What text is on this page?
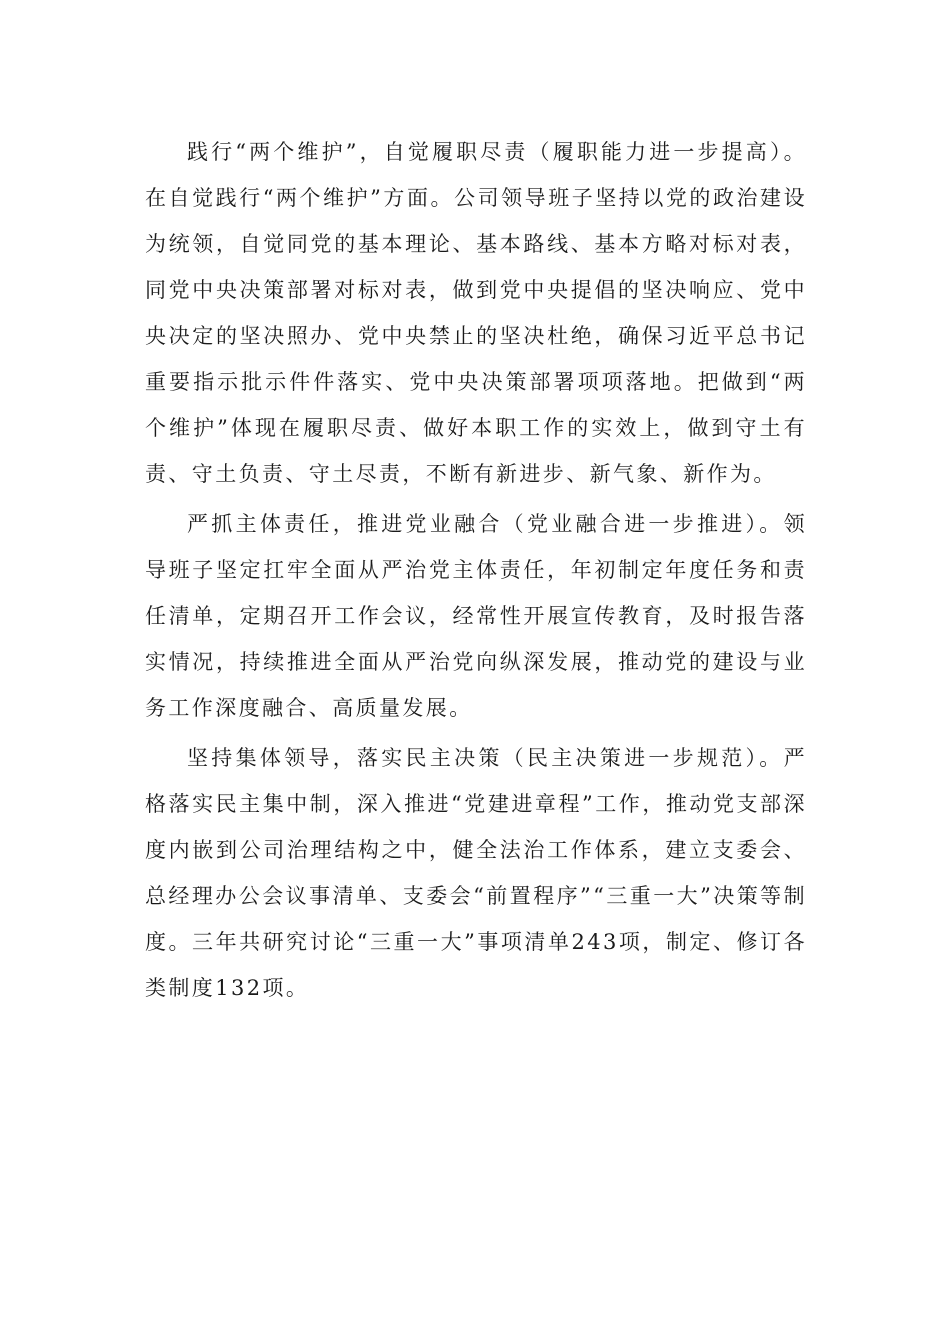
践行“两个维护”，自觉履职尽责（履职能力进一步提高）。在自觉践行“两个维护”方面。公司领导班子坚持以党的政治建设为统领，自觉同党的基本理论、基本路线、基本方略对标对表，同党中央决策部署对标对表，做到党中央提倡的坚决响应、党中央决定的坚决照办、党中央禁止的坚决杜绝，确保习近平总书记重要指示批示件件落实、党中央决策部署项项落地。把做到“两个维护”体现在履职尽责、做好本职工作的实效上，做到守土有责、守土负责、守土尽责，不断有新进步、新气象、新作为。

严抓主体责任，推进党业融合（党业融合进一步推进）。领导班子坚定扛牢全面从严治党主体责任，年初制定年度任务和责任清单，定期召开工作会议，经常性开展宣传教育，及时报告落实情况，持续推进全面从严治党向纵深发展，推动党的建设与业务工作深度融合、高质量发展。

坚持集体领导，落实民主决策（民主决策进一步规范）。严格落实民主集中制，深入推进“党建进章程”工作，推动党支部深度内嵌到公司治理结构之中，健全法治工作体系，建立支委会、总经理办公会议事清单、支委会“前置程序”“三重一大”决策等制度。三年共研究讨论“三重一大”事项清单243项，制定、修订各类制度132项。
